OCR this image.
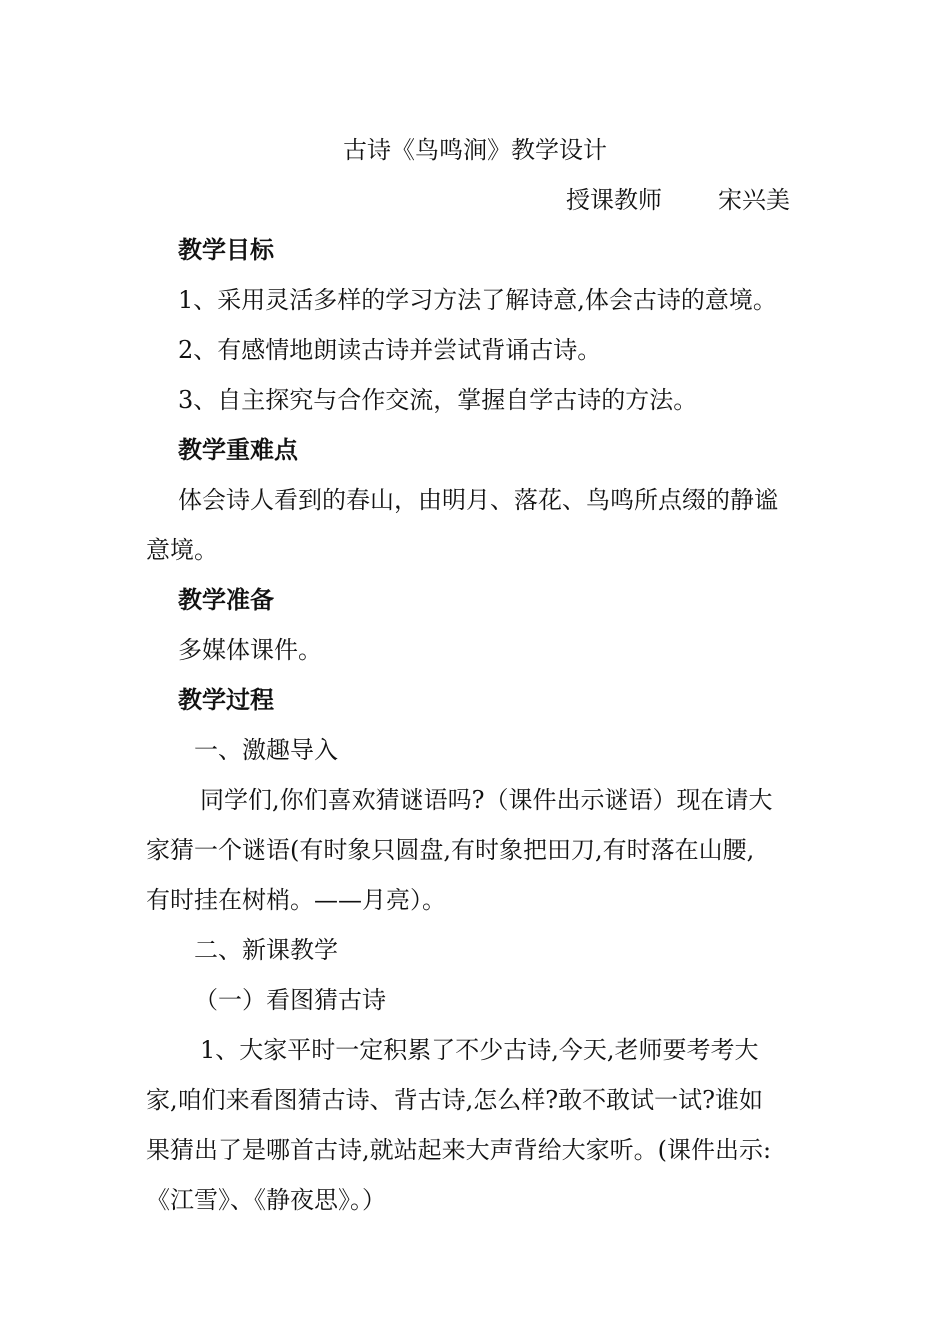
古诗《鸟鸣涧》教学设计

授课教师 宋兴美

教学目标

1、采用灵活多样的学习方法了解诗意,体会古诗的意境。

2、有感情地朗读古诗并尝试背诵古诗。

3、自主探究与合作交流，掌握自学古诗的方法。

教学重难点

体会诗人看到的春山，由明月、落花、鸟鸣所点缀的静谧

意境。

教学准备

多媒体课件。

教学过程

一、激趣导入

同学们,你们喜欢猜谜语吗?（课件出示谜语）现在请大

家猜一个谜语(有时象只圆盘,有时象把田刀,有时落在山腰,

有时挂在树梢。——月亮）。

二、新课教学

（一）看图猜古诗

1、大家平时一定积累了不少古诗,今天,老师要考考大

家,咱们来看图猜古诗、背古诗,怎么样?敢不敢试一试?谁如

果猜出了是哪首古诗,就站起来大声背给大家听。(课件出示:

《江雪》、《静夜思》。）
